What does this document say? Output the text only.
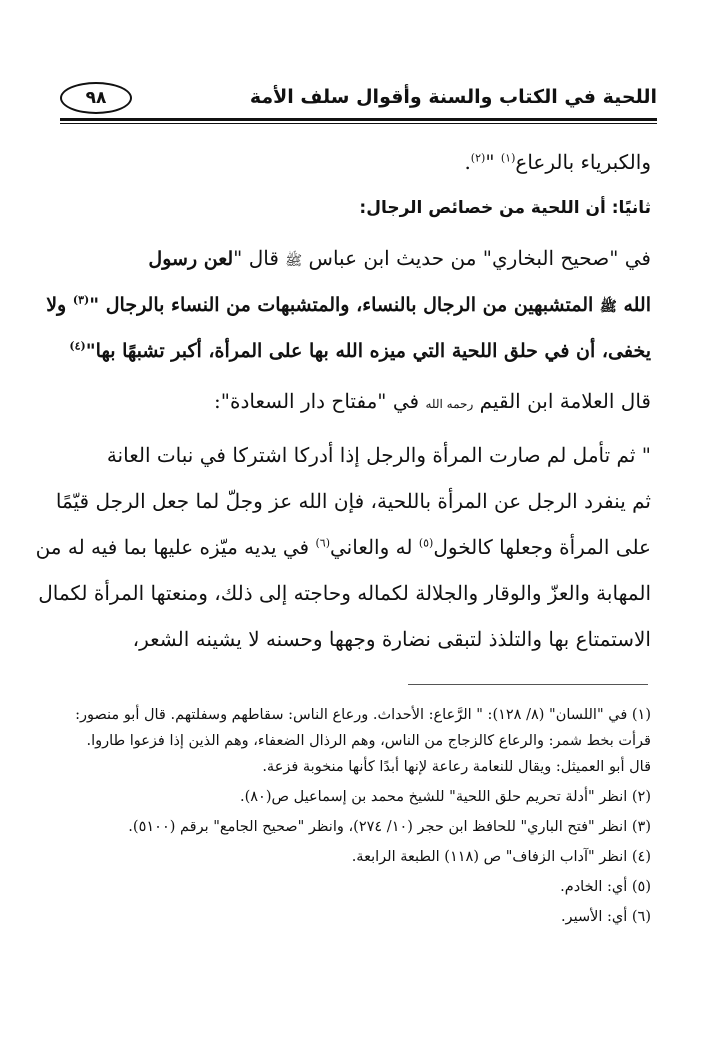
اللحية في الكتاب والسنة وأقوال سلف الأمة
٩٨
والكبرياء بالرعاع$^{(١)}$ "$^{(٢)}$.
ثانيًا: أن اللحية من خصائص الرجال:
في "صحيح البخاري" من حديث ابن عباس ﷺ قال "لعن رسول
الله ﷺ المتشبهين من الرجال بالنساء، والمتشبهات من النساء بالرجال "$^{(٣)}$ ولا
يخفى، أن في حلق اللحية التي ميزه الله بها على المرأة، أكبر تشبهًا بها"$^{(٤)}$
قال العلامة ابن القيم رحمه الله في "مفتاح دار السعادة":
" ثم تأمل لم صارت المرأة والرجل إذا أدركا اشتركا في نبات العانة
ثم ينفرد الرجل عن المرأة باللحية، فإن الله عز وجلّ لما جعل الرجل قيّمًا
على المرأة وجعلها كالخول$^{(٥)}$ له والعاني$^{(٦)}$ في يديه ميّزه عليها بما فيه له من
المهابة والعزّ والوقار والجلالة لكماله وحاجته إلى ذلك، ومنعتها المرأة لكمال
الاستمتاع بها والتلذذ لتبقى نضارة وجهها وحسنه لا يشينه الشعر،
(١) في "اللسان" (٨/ ١٢٨): " الرَّعاع: الأحداث. ورعاع الناس: سقاطهم وسفلتهم. قال أبو منصور: قرأت بخط شمر: والرعاع كالزجاج من الناس، وهم الرذال الضعفاء، وهم الذين إذا فزعوا طاروا. قال أبو العميثل: ويقال للنعامة رعاعة لإنها أبدًا كأنها منخوبة فزعة.
(٢) انظر "أدلة تحريم حلق اللحية" للشيخ محمد بن إسماعيل ص(٨٠).
(٣) انظر "فتح الباري" للحافظ ابن حجر (١٠/ ٢٧٤)، وانظر "صحيح الجامع" برقم (٥١٠٠).
(٤) انظر "آداب الزفاف" ص (١١٨) الطبعة الرابعة.
(٥) أي: الخادم.
(٦) أي: الأسير.
